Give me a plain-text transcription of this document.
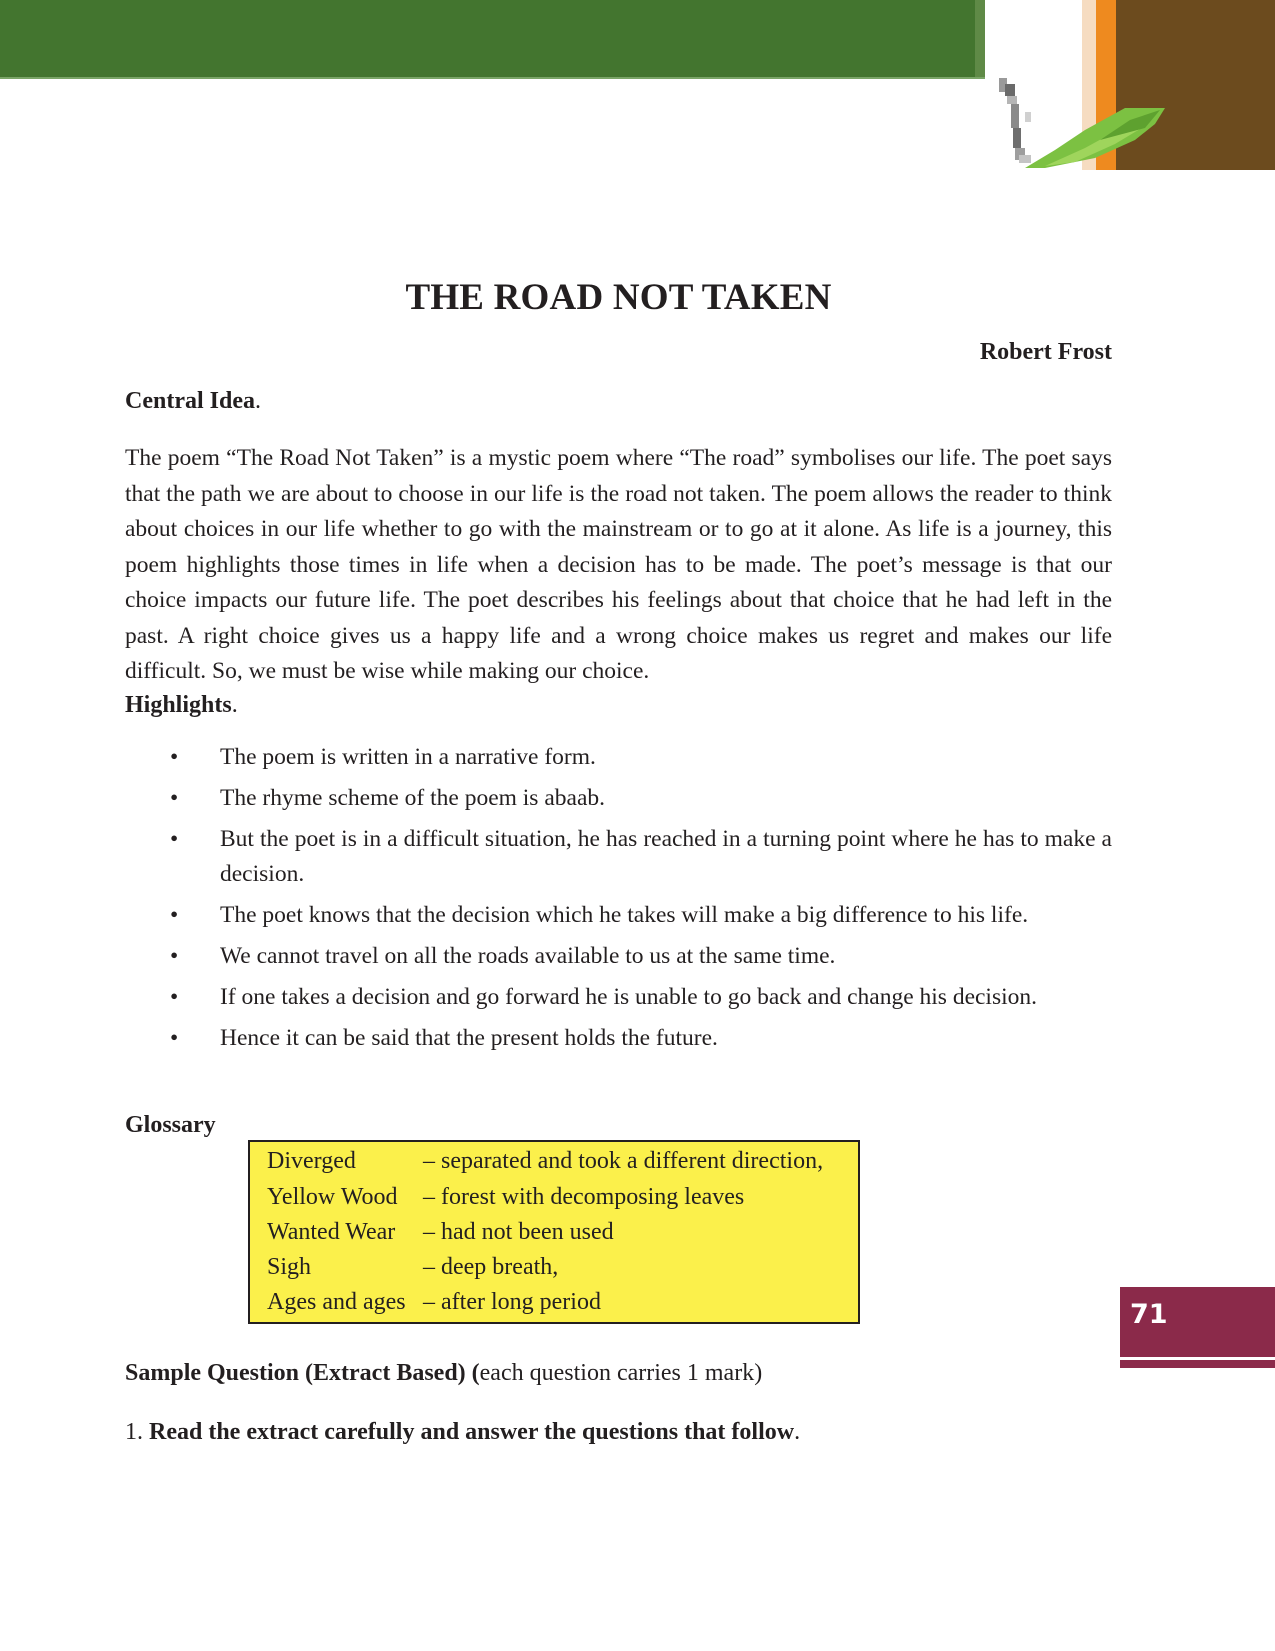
THE ROAD NOT TAKEN
Robert Frost
Central Idea.

The poem “The Road Not Taken” is a mystic poem where “The road” symbolises our life. The poet says that the path we are about to choose in our life is the road not taken. The poem allows the reader to think about choices in our life whether to go with the mainstream or to go at it alone. As life is a journey, this poem highlights those times in life when a decision has to be made. The poet’s message is that our choice impacts our future life. The poet describes his feelings about that choice that he had left in the past. A right choice gives us a happy life and a wrong choice makes us regret and makes our life difficult. So, we must be wise while making our choice.

Highlights.
• The poem is written in a narrative form.
• The rhyme scheme of the poem is abaab.
• But the poet is in a difficult situation, he has reached in a turning point where he has to make a decision.
• The poet knows that the decision which he takes will make a big difference to his life.
• We cannot travel on all the roads available to us at the same time.
• If one takes a decision and go forward he is unable to go back and change his decision.
• Hence it can be said that the present holds the future.
Glossary
Diverged	– separated and took a different direction,
Yellow Wood – forest with decomposing leaves
Wanted Wear – had not been used
Sigh	– deep breath,
Ages and ages – after long period	71
Sample Question (Extract Based) (each question carries 1 mark)
1. Read the extract carefully and answer the questions that follow.
